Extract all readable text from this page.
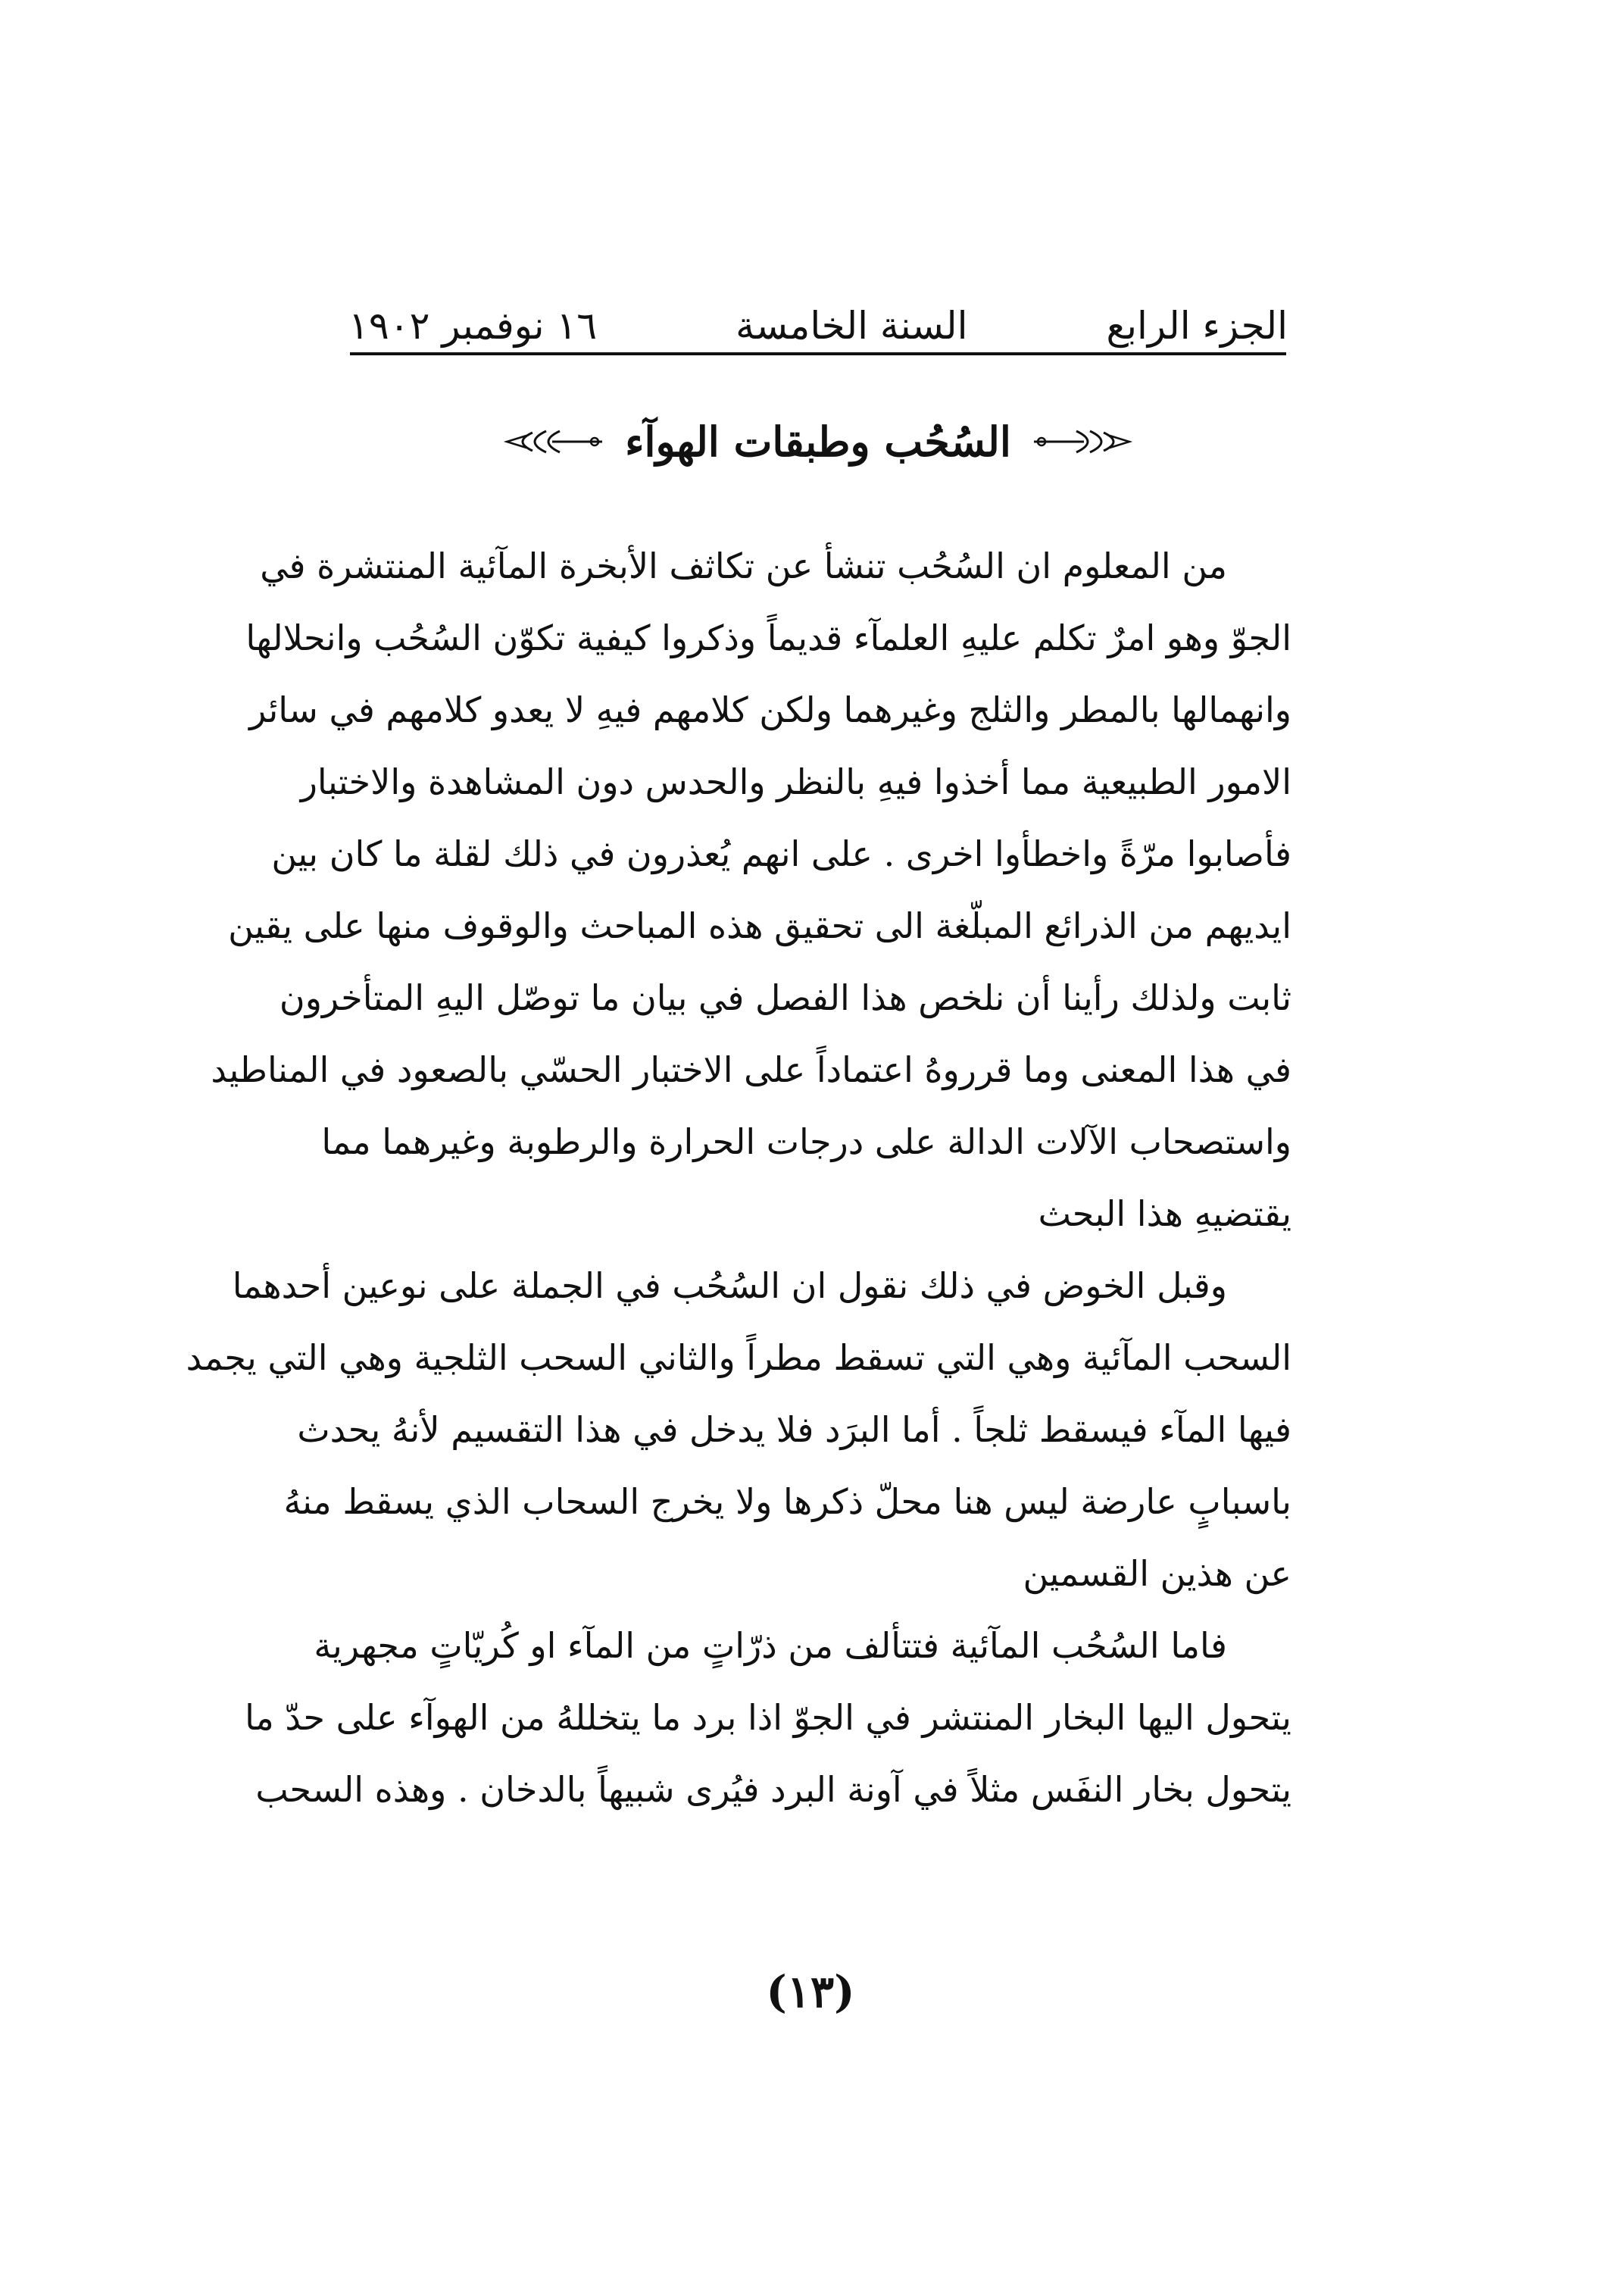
الجزء الرابع
السنة الخامسة
١٦ نوفمبر ١٩٠٢
السُحُب وطبقات الهوآء
من المعلوم ان السُحُب تنشأ عن تكاثف الأبخرة المآئية المنتشرة في
الجوّ وهو امرٌ تكلم عليهِ العلمآء قديماً وذكروا كيفية تكوّن السُحُب وانحلالها
وانهمالها بالمطر والثلج وغيرهما ولكن كلامهم فيهِ لا يعدو كلامهم في سائر
الامور الطبيعية مما أخذوا فيهِ بالنظر والحدس دون المشاهدة والاختبار
فأصابوا مرّةً واخطأوا اخرى . على انهم يُعذرون في ذلك لقلة ما كان بين
ايديهم من الذرائع المبلّغة الى تحقيق هذه المباحث والوقوف منها على يقين
ثابت ولذلك رأينا أن نلخص هذا الفصل في بيان ما توصّل اليهِ المتأخرون
في هذا المعنى وما قرروهُ اعتماداً على الاختبار الحسّي بالصعود في المناطيد
واستصحاب الآلات الدالة على درجات الحرارة والرطوبة وغيرهما مما
يقتضيهِ هذا البحث
وقبل الخوض في ذلك نقول ان السُحُب في الجملة على نوعين أحدهما
السحب المآئية وهي التي تسقط مطراً والثاني السحب الثلجية وهي التي يجمد
فيها المآء فيسقط ثلجاً . أما البرَد فلا يدخل في هذا التقسيم لأنهُ يحدث
باسبابٍ عارضة ليس هنا محلّ ذكرها ولا يخرج السحاب الذي يسقط منهُ
عن هذين القسمين
فاما السُحُب المآئية فتتألف من ذرّاتٍ من المآء او كُريّاتٍ مجهرية
يتحول اليها البخار المنتشر في الجوّ اذا برد ما يتخللهُ من الهوآء على حدّ ما
يتحول بخار النفَس مثلاً في آونة البرد فيُرى شبيهاً بالدخان . وهذه السحب
(١٣)
